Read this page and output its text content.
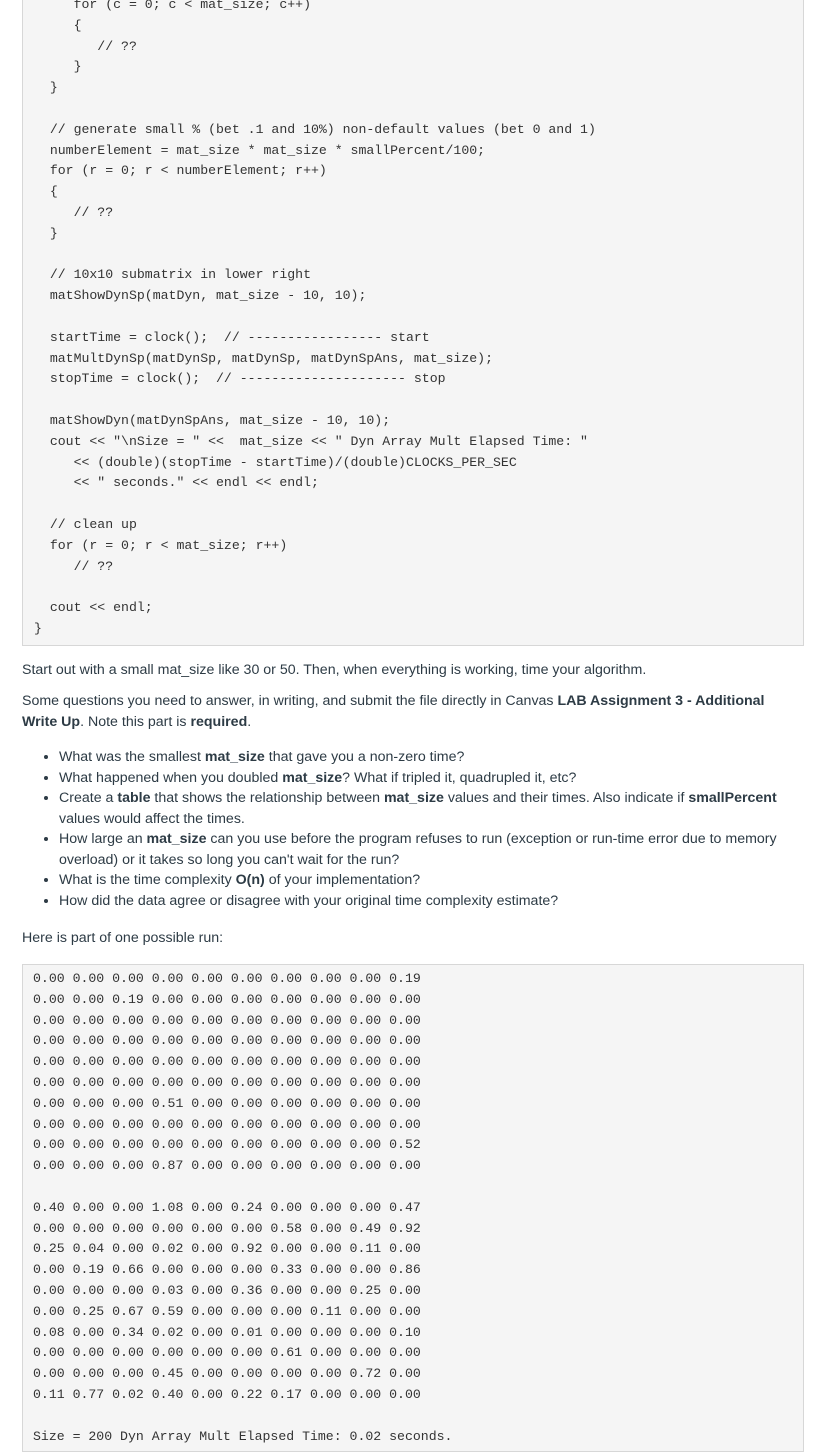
for (c = 0; c < mat_size; c++)
{
// ??
}
}

// generate small % (bet .1 and 10%) non-default values (bet 0 and 1)
numberElement = mat_size * mat_size * smallPercent/100;
for (r = 0; r < numberElement; r++)
{
// ??
}

// 10x10 submatrix in lower right
matShowDynSp(matDyn, mat_size - 10, 10);

startTime = clock();  // ----------------- start
matMultDynSp(matDynSp, matDynSp, matDynSpAns, mat_size);
stopTime = clock();  // --------------------- stop

matShowDyn(matDynSpAns, mat_size - 10, 10);
cout << "\nSize = " <<  mat_size << " Dyn Array Mult Elapsed Time: "
<< (double)(stopTime - startTime)/(double)CLOCKS_PER_SEC
<< " seconds." << endl << endl;

// clean up
for (r = 0; r < mat_size; r++)
// ??

cout << endl;
}

Start out with a small mat_size like 30 or 50. Then, when everything is working, time your algorithm.

Some questions you need to answer, in writing, and submit the file directly in Canvas LAB Assignment 3 - Additional Write Up. Note this part is required.

• What was the smallest mat_size that gave you a non-zero time?
• What happened when you doubled mat_size? What if tripled it, quadrupled it, etc?
• Create a table that shows the relationship between mat_size values and their times. Also indicate if smallPercent values would affect the times.
• How large an mat_size can you use before the program refuses to run (exception or run-time error due to memory overload) or it takes so long you can't wait for the run?
• What is the time complexity O(n) of your implementation?
• How did the data agree or disagree with your original time complexity estimate?

Here is part of one possible run:

0.00 0.00 0.00 0.00 0.00 0.00 0.00 0.00 0.00 0.19
0.00 0.00 0.19 0.00 0.00 0.00 0.00 0.00 0.00 0.00
0.00 0.00 0.00 0.00 0.00 0.00 0.00 0.00 0.00 0.00
0.00 0.00 0.00 0.00 0.00 0.00 0.00 0.00 0.00 0.00
0.00 0.00 0.00 0.00 0.00 0.00 0.00 0.00 0.00 0.00
0.00 0.00 0.00 0.00 0.00 0.00 0.00 0.00 0.00 0.00
0.00 0.00 0.00 0.51 0.00 0.00 0.00 0.00 0.00 0.00
0.00 0.00 0.00 0.00 0.00 0.00 0.00 0.00 0.00 0.00
0.00 0.00 0.00 0.00 0.00 0.00 0.00 0.00 0.00 0.52
0.00 0.00 0.00 0.87 0.00 0.00 0.00 0.00 0.00 0.00

0.40 0.00 0.00 1.08 0.00 0.24 0.00 0.00 0.00 0.47
0.00 0.00 0.00 0.00 0.00 0.00 0.58 0.00 0.49 0.92
0.25 0.04 0.00 0.02 0.00 0.92 0.00 0.00 0.11 0.00
0.00 0.19 0.66 0.00 0.00 0.00 0.33 0.00 0.00 0.86
0.00 0.00 0.00 0.03 0.00 0.36 0.00 0.00 0.25 0.00
0.00 0.25 0.67 0.59 0.00 0.00 0.00 0.11 0.00 0.00
0.08 0.00 0.34 0.02 0.00 0.01 0.00 0.00 0.00 0.10
0.00 0.00 0.00 0.00 0.00 0.00 0.61 0.00 0.00 0.00
0.00 0.00 0.00 0.45 0.00 0.00 0.00 0.00 0.72 0.00
0.11 0.77 0.02 0.40 0.00 0.22 0.17 0.00 0.00 0.00

Size = 200 Dyn Array Mult Elapsed Time: 0.02 seconds.
